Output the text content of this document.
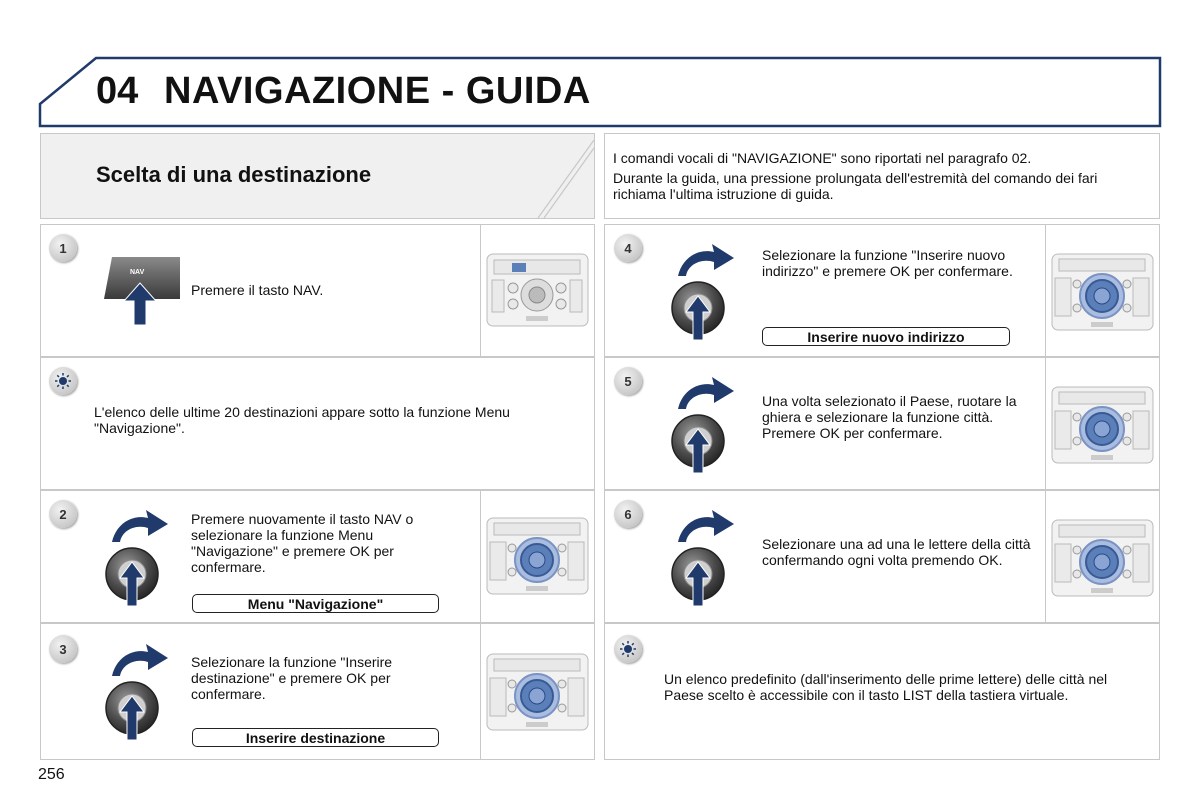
04 NAVIGAZIONE - GUIDA
Scelta di una destinazione
I comandi vocali di "NAVIGAZIONE" sono riportati nel paragrafo 02.
Durante la guida, una pressione prolungata dell'estremità del comando dei fari richiama l'ultima istruzione di guida.
1
NAV
Premere il tasto NAV.
L'elenco delle ultime 20 destinazioni appare sotto la funzione Menu "Navigazione".
2	Premere nuovamente il tasto NAV o selezionare la funzione Menu "Navigazione" e premere OK per confermare.
Menu "Navigazione"
3
Selezionare la funzione "Inserire destinazione" e premere OK per confermare.
Inserire destinazione
4	Selezionare la funzione "Inserire nuovo indirizzo" e premere OK per confermare.
Inserire nuovo indirizzo
5
Una volta selezionato il Paese, ruotare la ghiera e selezionare la funzione città. Premere OK per confermare.
6
Selezionare una ad una le lettere della città confermando ogni volta premendo OK.
Un elenco predefinito (dall'inserimento delle prime lettere) delle città nel Paese scelto è accessibile con il tasto LIST della tastiera virtuale.
256
